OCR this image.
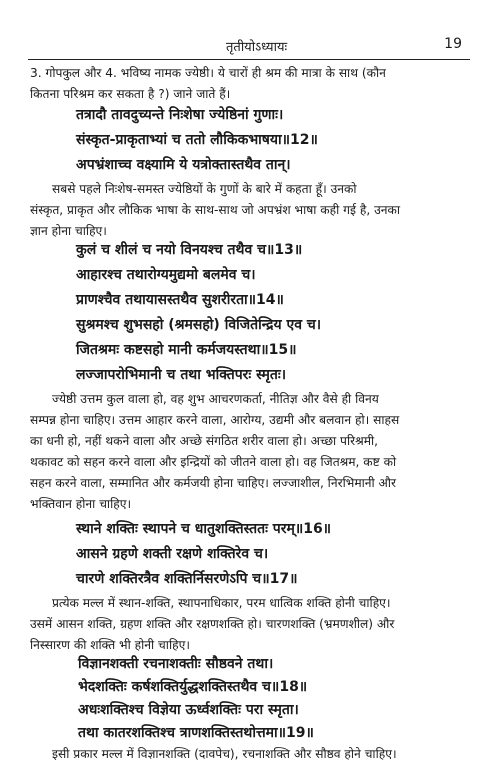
तृतीयोऽध्यायः	19
3. गोपकुल और 4. भविष्य नामक ज्येष्ठी। ये चारों ही श्रम की मात्रा के साथ (कौन
कितना परिश्रम कर सकता है ?) जाने जाते हैं।
तत्रादौ तावदुच्यन्ते निःशेषा ज्येष्ठिनां गुणाः।
संस्कृत-प्राकृताभ्यां च ततो लौकिकभाषया॥12॥
अपभ्रंशाच्च वक्ष्यामि ये यत्रोक्तास्तथैव तान्।
सबसे पहले निःशेष-समस्त ज्येष्ठियों के गुणों के बारे में कहता हूँ। उनको
संस्कृत, प्राकृत और लौकिक भाषा के साथ-साथ जो अपभ्रंश भाषा कही गई है, उनका
ज्ञान होना चाहिए।
कुलं च शीलं च नयो विनयश्च तथैव च॥13॥
आहारश्च तथारोग्यमुद्यमो बलमेव च।
प्राणश्चैव तथायासस्तथैव सुशरीरता॥14॥
सुश्रमश्च शुभसहो (श्रमसहो) विजितेन्द्रिय एव च।
जितश्रमः कष्टसहो मानी कर्मजयस्तथा॥15॥
लज्जापरोभिमानी च तथा भक्तिपरः स्मृतः।
ज्येष्ठी उत्तम कुल वाला हो, वह शुभ आचरणकर्ता, नीतिज्ञ और वैसे ही विनय
सम्पन्न होना चाहिए। उत्तम आहार करने वाला, आरोग्य, उद्यमी और बलवान हो। साहस
का धनी हो, नहीं थकने वाला और अच्छे संगठित शरीर वाला हो। अच्छा परिश्रमी,
थकावट को सहन करने वाला और इन्द्रियों को जीतने वाला हो। वह जितश्रम, कष्ट को
सहन करने वाला, सम्मानित और कर्मजयी होना चाहिए। लज्जाशील, निरभिमानी और
भक्तिवान होना चाहिए।
स्थाने शक्तिः स्थापने च धातुशक्तिस्ततः परम्॥16॥
आसने ग्रहणे शक्ती रक्षणे शक्तिरेव च।
चारणे शक्तिरत्रैव शक्तिर्निसरणेऽपि च॥17॥
प्रत्येक मल्ल में स्थान-शक्ति, स्थापनाधिकार, परम धात्विक शक्ति होनी चाहिए।
उसमें आसन शक्ति, ग्रहण शक्ति और रक्षणशक्ति हो। चारणशक्ति (भ्रमणशील) और
निस्सारण की शक्ति भी होनी चाहिए।
विज्ञानशक्ती रचनाशक्तीः सौष्ठवने तथा।
भेदशक्तिः कर्षशक्तिर्युद्धशक्तिस्तथैव च॥18॥
अधःशक्तिश्च विज्ञेया ऊर्ध्वशक्तिः परा स्मृता।
तथा कातरशक्तिश्च त्राणशक्तिस्तथोत्तमा॥19॥
इसी प्रकार मल्ल में विज्ञानशक्ति (दावपेच), रचनाशक्ति और सौष्ठव होने चाहिए।
